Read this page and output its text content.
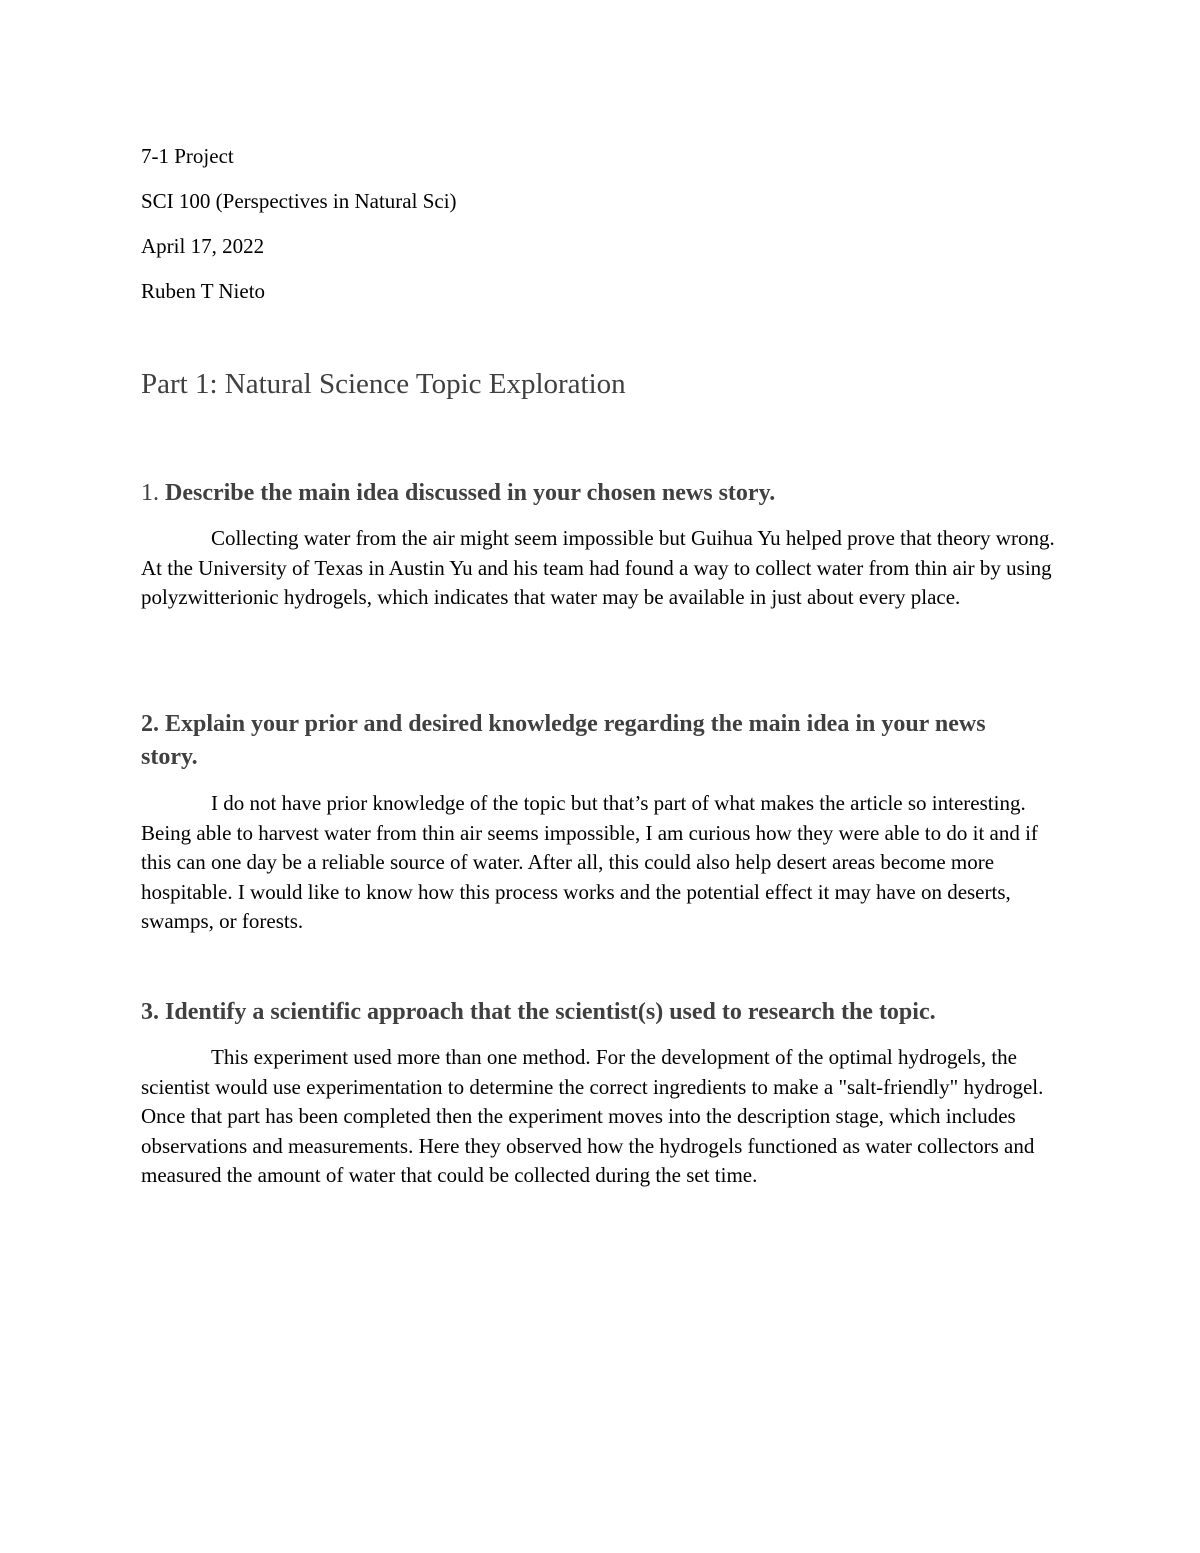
7-1 Project
SCI 100 (Perspectives in Natural Sci)
April 17, 2022
Ruben T Nieto
Part 1: Natural Science Topic Exploration
1. Describe the main idea discussed in your chosen news story.

Collecting water from the air might seem impossible but Guihua Yu helped prove that theory wrong. At the University of Texas in Austin Yu and his team had found a way to collect water from thin air by using polyzwitterionic hydrogels, which indicates that water may be available in just about every place.

2. Explain your prior and desired knowledge regarding the main idea in your news story.

I do not have prior knowledge of the topic but that’s part of what makes the article so interesting. Being able to harvest water from thin air seems impossible, I am curious how they were able to do it and if this can one day be a reliable source of water. After all, this could also help desert areas become more hospitable. I would like to know how this process works and the potential effect it may have on deserts, swamps, or forests.

3. Identify a scientific approach that the scientist(s) used to research the topic.

This experiment used more than one method. For the development of the optimal hydrogels, the scientist would use experimentation to determine the correct ingredients to make a "salt-friendly" hydrogel. Once that part has been completed then the experiment moves into the description stage, which includes observations and measurements. Here they observed how the hydrogels functioned as water collectors and measured the amount of water that could be collected during the set time.
